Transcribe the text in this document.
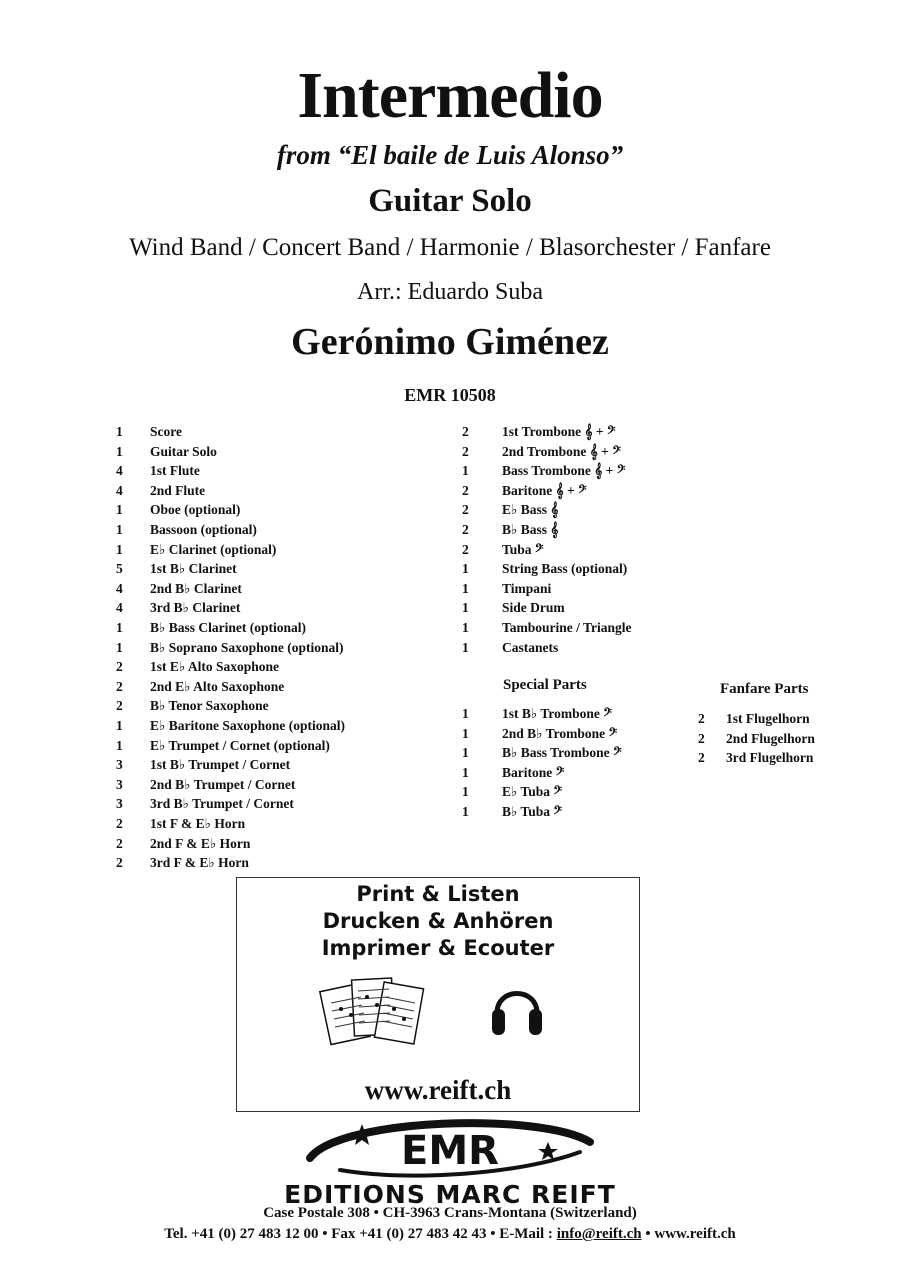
Intermedio
from “El baile de Luis Alonso”
Guitar Solo
Wind Band / Concert Band / Harmonie / Blasorchester / Fanfare
Arr.: Eduardo Suba
Gerónimo Giménez
EMR 10508
1 Score
1 Guitar Solo
4 1st Flute
4 2nd Flute
1 Oboe (optional)
1 Bassoon (optional)
1 E♭ Clarinet (optional)
5 1st B♭ Clarinet
4 2nd B♭ Clarinet
4 3rd B♭ Clarinet
1 B♭ Bass Clarinet (optional)
1 B♭ Soprano Saxophone (optional)
2 1st E♭ Alto Saxophone
2 2nd E♭ Alto Saxophone
2 B♭ Tenor Saxophone
1 E♭ Baritone Saxophone (optional)
1 E♭ Trumpet / Cornet (optional)
3 1st B♭ Trumpet / Cornet
3 2nd B♭ Trumpet / Cornet
3 3rd B♭ Trumpet / Cornet
2 1st F & E♭ Horn
2 2nd F & E♭ Horn
2 3rd F & E♭ Horn
2 1st Trombone 𝄞 + 𝄢
2 2nd Trombone 𝄞 + 𝄢
1 Bass Trombone 𝄞 + 𝄢
2 Baritone 𝄞 + 𝄢
2 E♭ Bass 𝄞
2 B♭ Bass 𝄞
2 Tuba 𝄢
1 String Bass (optional)
1 Timpani
1 Side Drum
1 Tambourine / Triangle
1 Castanets
Special Parts
1 1st B♭ Trombone 𝄢
1 2nd B♭ Trombone 𝄢
1 B♭ Bass Trombone 𝄢
1 Baritone 𝄢
1 E♭ Tuba 𝄢
1 B♭ Tuba 𝄢
Fanfare Parts
2 1st Flugelhorn
2 2nd Flugelhorn
2 3rd Flugelhorn
Print & Listen
Drucken & Anhören
Imprimer & Ecouter
www.reift.ch
EMR
EDITIONS MARC REIFT
Case Postale 308 • CH-3963 Crans-Montana (Switzerland)
Tel. +41 (0) 27 483 12 00 • Fax +41 (0) 27 483 42 43 • E-Mail : info@reift.ch • www.reift.ch
